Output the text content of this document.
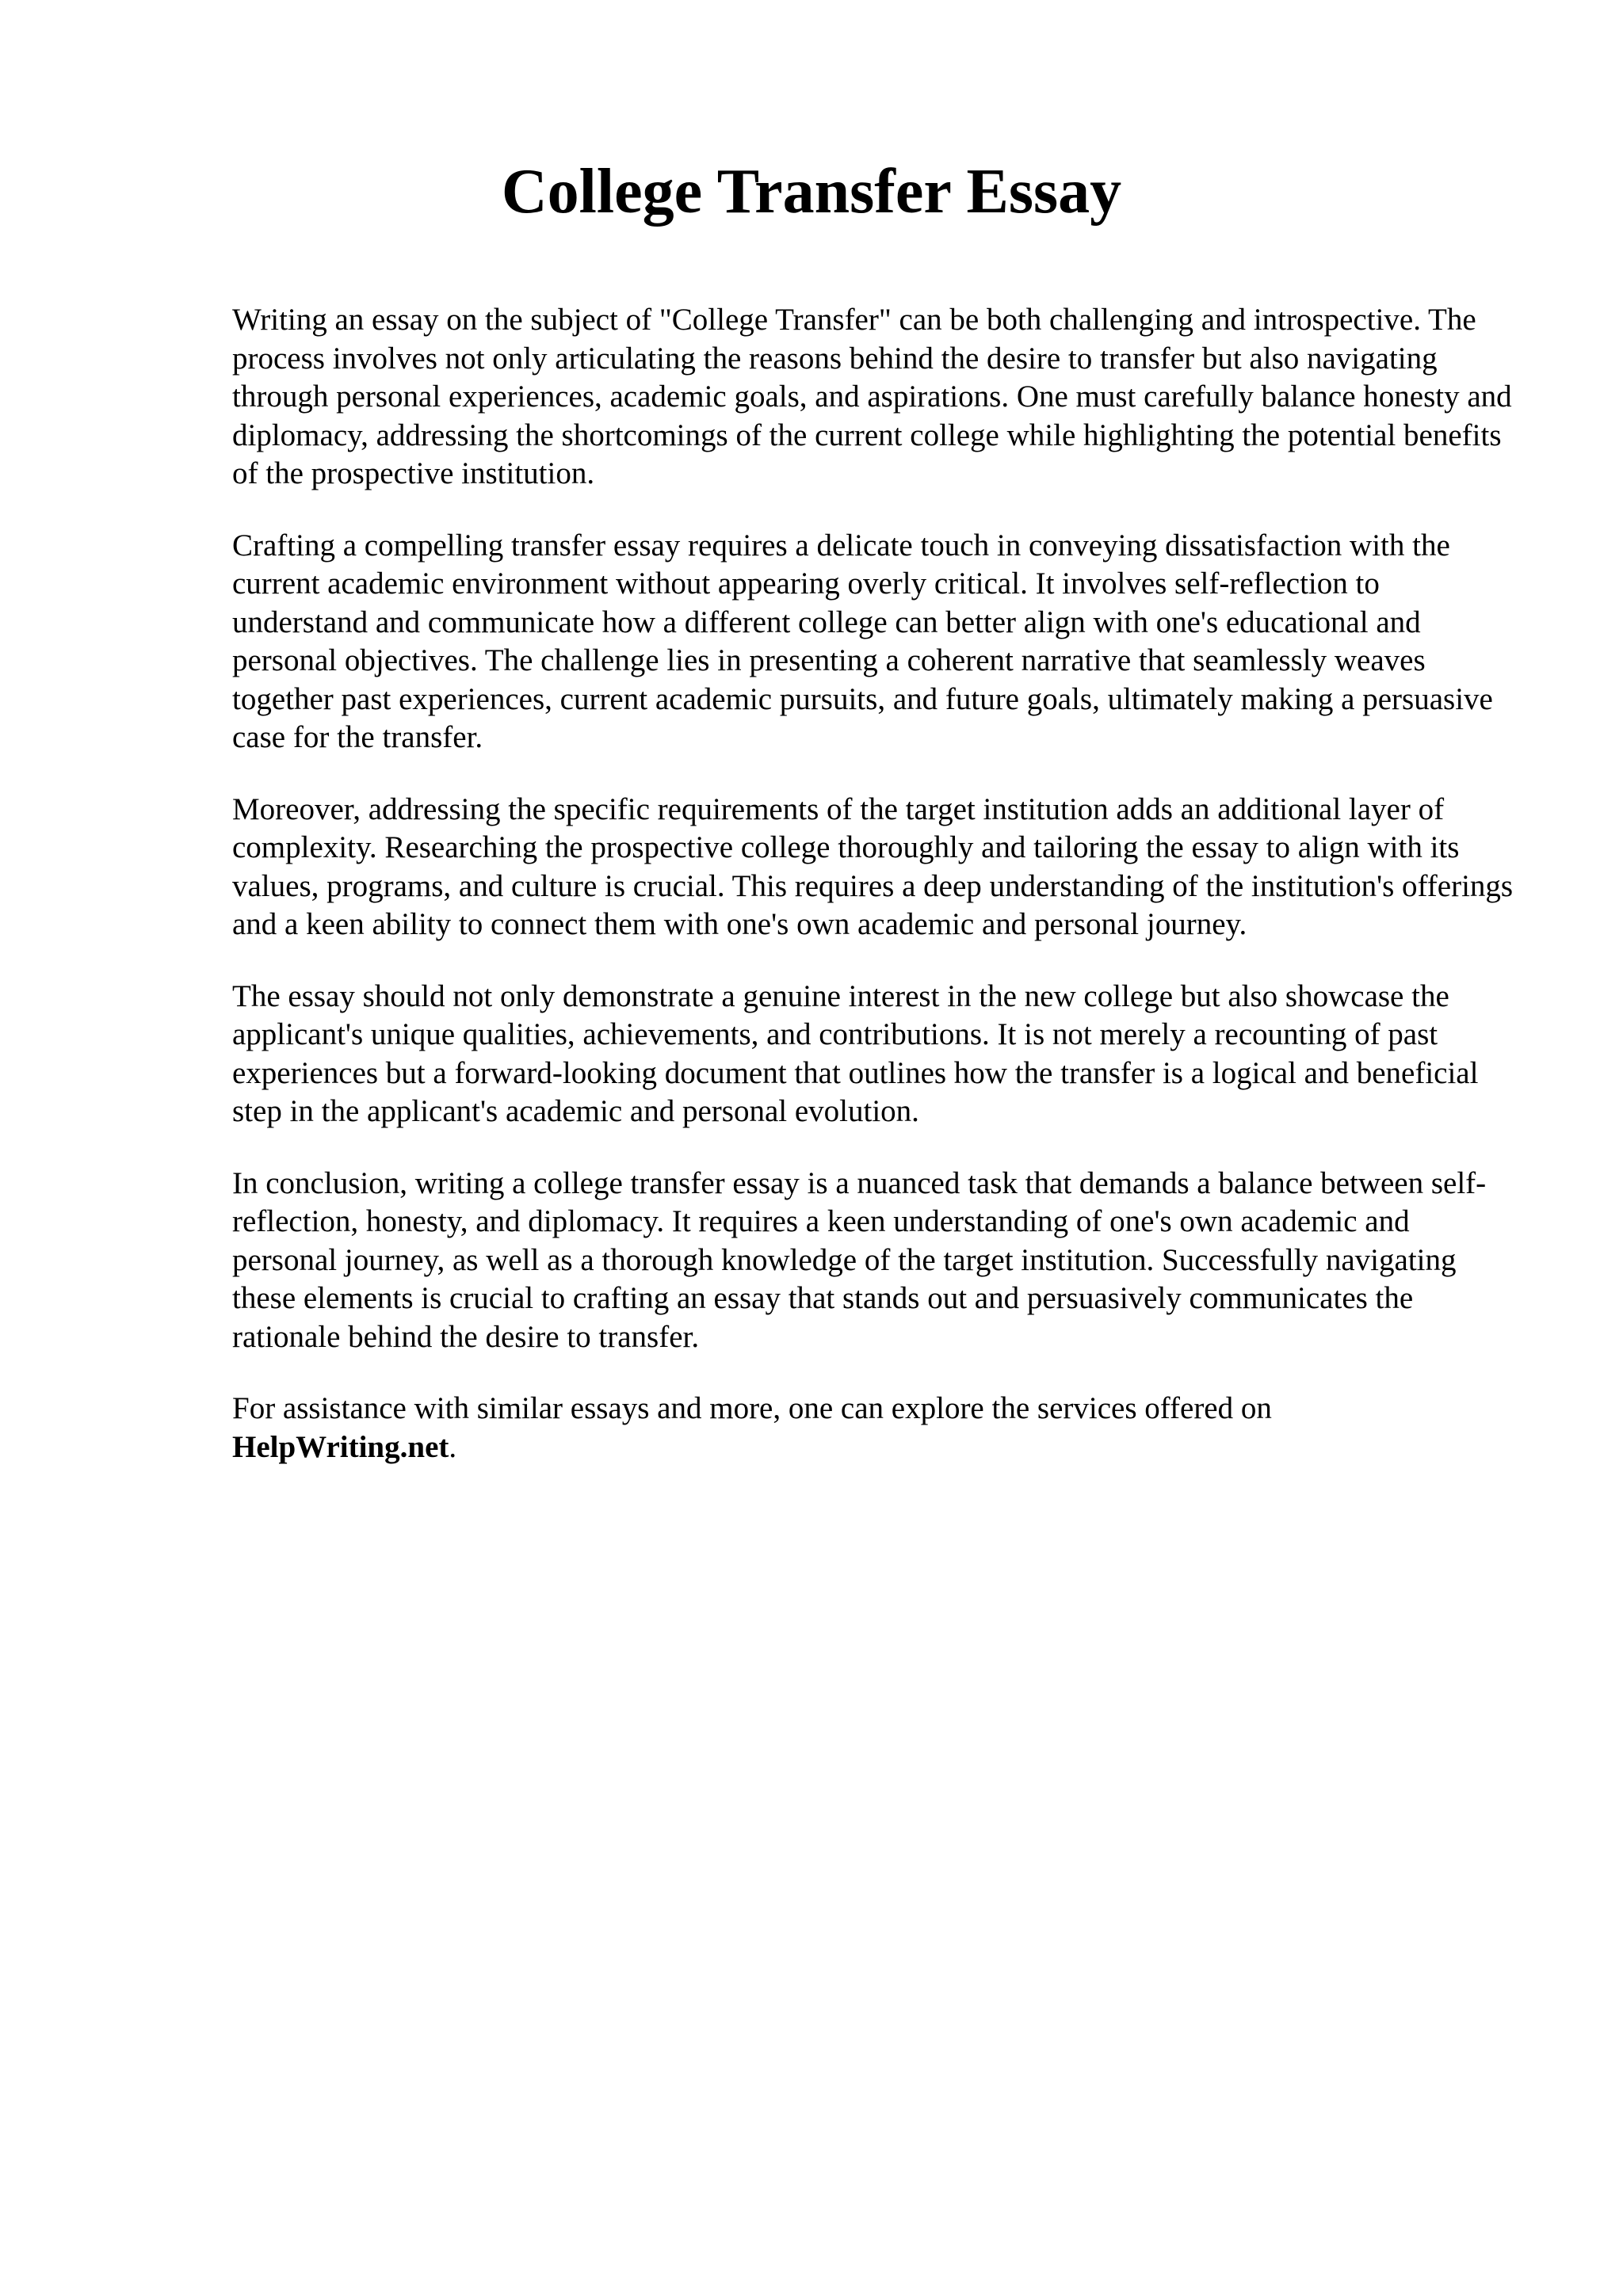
College Transfer Essay

Writing an essay on the subject of "College Transfer" can be both challenging and introspective. The process involves not only articulating the reasons behind the desire to transfer but also navigating through personal experiences, academic goals, and aspirations. One must carefully balance honesty and diplomacy, addressing the shortcomings of the current college while highlighting the potential benefits of the prospective institution.

Crafting a compelling transfer essay requires a delicate touch in conveying dissatisfaction with the current academic environment without appearing overly critical. It involves self-reflection to understand and communicate how a different college can better align with one's educational and personal objectives. The challenge lies in presenting a coherent narrative that seamlessly weaves together past experiences, current academic pursuits, and future goals, ultimately making a persuasive case for the transfer.

Moreover, addressing the specific requirements of the target institution adds an additional layer of complexity. Researching the prospective college thoroughly and tailoring the essay to align with its values, programs, and culture is crucial. This requires a deep understanding of the institution's offerings and a keen ability to connect them with one's own academic and personal journey.

The essay should not only demonstrate a genuine interest in the new college but also showcase the applicant's unique qualities, achievements, and contributions. It is not merely a recounting of past experiences but a forward-looking document that outlines how the transfer is a logical and beneficial step in the applicant's academic and personal evolution.

In conclusion, writing a college transfer essay is a nuanced task that demands a balance between self-reflection, honesty, and diplomacy. It requires a keen understanding of one's own academic and personal journey, as well as a thorough knowledge of the target institution. Successfully navigating these elements is crucial to crafting an essay that stands out and persuasively communicates the rationale behind the desire to transfer.

For assistance with similar essays and more, one can explore the services offered on
HelpWriting.net.
